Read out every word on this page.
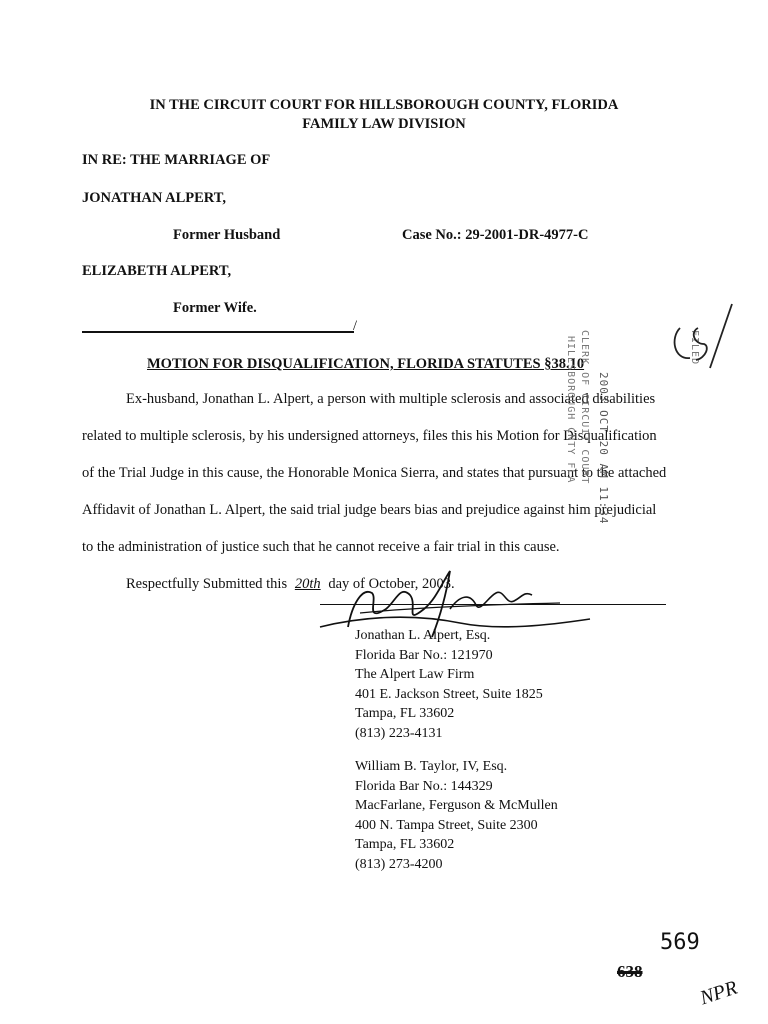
IN THE CIRCUIT COURT FOR HILLSBOROUGH COUNTY, FLORIDA
FAMILY LAW DIVISION
IN RE: THE MARRIAGE OF
JONATHAN ALPERT,
Former Husband	Case No.: 29-2001-DR-4977-C
ELIZABETH ALPERT,
Former Wife.
/
MOTION FOR DISQUALIFICATION, FLORIDA STATUTES §38.10
Ex-husband, Jonathan L. Alpert, a person with multiple sclerosis and associated disabilities
related to multiple sclerosis, by his undersigned attorneys, files this his Motion for Disqualification
of the Trial Judge in this cause, the Honorable Monica Sierra, and states that pursuant to the attached
Affidavit of Jonathan L. Alpert, the said trial judge bears bias and prejudice against him prejudicial
to the administration of justice such that he cannot receive a fair trial in this cause.
Respectfully Submitted this 20th day of October, 2003.
Jonathan L. Alpert, Esq.
Florida Bar No.: 121970
The Alpert Law Firm
401 E. Jackson Street, Suite 1825
Tampa, FL 33602
(813) 223-4131
William B. Taylor, IV, Esq.
Florida Bar No.: 144329
MacFarlane, Ferguson & McMullen
400 N. Tampa Street, Suite 2300
Tampa, FL 33602
(813) 273-4200
2003 OCT 20 AM 11:34
CLERK OF CIRCUIT COURT
HILLSBOROUGH CNTY FLA	FILED
569
638
NPR
